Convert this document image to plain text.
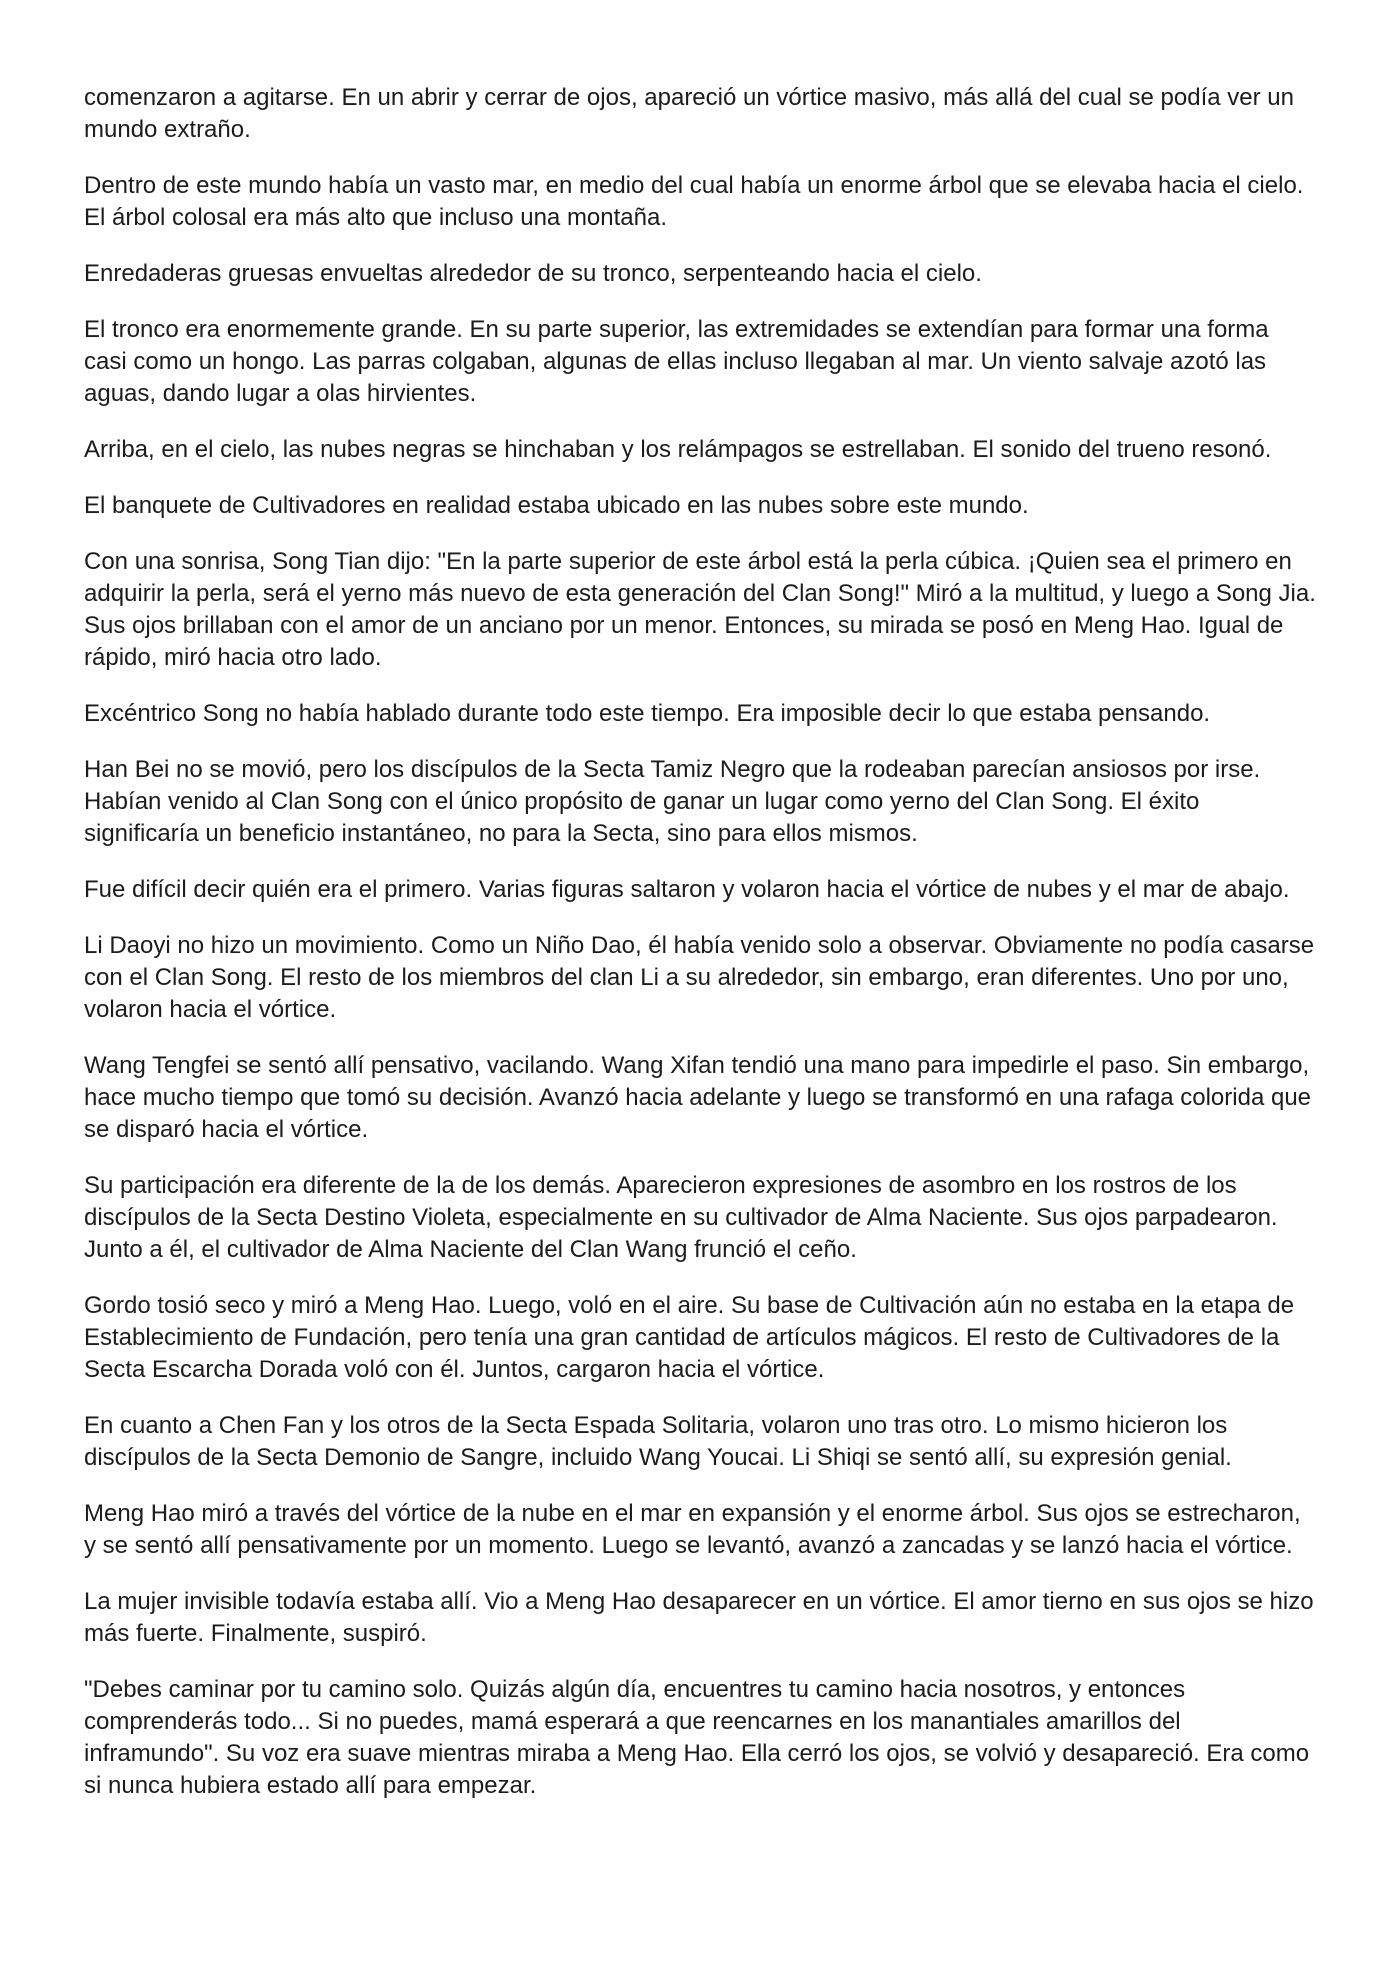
comenzaron a agitarse. En un abrir y cerrar de ojos, apareció un vórtice masivo, más allá del cual se podía ver un mundo extraño.

Dentro de este mundo había un vasto mar, en medio del cual había un enorme árbol que se elevaba hacia el cielo. El árbol colosal era más alto que incluso una montaña.

Enredaderas gruesas envueltas alrededor de su tronco, serpenteando hacia el cielo.

El tronco era enormemente grande. En su parte superior, las extremidades se extendían para formar una forma casi como un hongo. Las parras colgaban, algunas de ellas incluso llegaban al mar. Un viento salvaje azotó las aguas, dando lugar a olas hirvientes.

Arriba, en el cielo, las nubes negras se hinchaban y los relámpagos se estrellaban. El sonido del trueno resonó.

El banquete de Cultivadores en realidad estaba ubicado en las nubes sobre este mundo.

Con una sonrisa, Song Tian dijo: "En la parte superior de este árbol está la perla cúbica. ¡Quien sea el primero en adquirir la perla, será el yerno más nuevo de esta generación del Clan Song!" Miró a la multitud, y luego a Song Jia. Sus ojos brillaban con el amor de un anciano por un menor. Entonces, su mirada se posó en Meng Hao. Igual de rápido, miró hacia otro lado.

Excéntrico Song no había hablado durante todo este tiempo. Era imposible decir lo que estaba pensando.

Han Bei no se movió, pero los discípulos de la Secta Tamiz Negro que la rodeaban parecían ansiosos por irse. Habían venido al Clan Song con el único propósito de ganar un lugar como yerno del Clan Song. El éxito significaría un beneficio instantáneo, no para la Secta, sino para ellos mismos.

Fue difícil decir quién era el primero. Varias figuras saltaron y volaron hacia el vórtice de nubes y el mar de abajo.

Li Daoyi no hizo un movimiento. Como un Niño Dao, él había venido solo a observar. Obviamente no podía casarse con el Clan Song. El resto de los miembros del clan Li a su alrededor, sin embargo, eran diferentes. Uno por uno, volaron hacia el vórtice.

Wang Tengfei se sentó allí pensativo, vacilando. Wang Xifan tendió una mano para impedirle el paso. Sin embargo, hace mucho tiempo que tomó su decisión. Avanzó hacia adelante y luego se transformó en una rafaga colorida que se disparó hacia el vórtice.

Su participación era diferente de la de los demás. Aparecieron expresiones de asombro en los rostros de los discípulos de la Secta Destino Violeta, especialmente en su cultivador de Alma Naciente. Sus ojos parpadearon. Junto a él, el cultivador de Alma Naciente del Clan Wang frunció el ceño.

Gordo tosió seco y miró a Meng Hao. Luego, voló en el aire. Su base de Cultivación aún no estaba en la etapa de Establecimiento de Fundación, pero tenía una gran cantidad de artículos mágicos. El resto de Cultivadores de la Secta Escarcha Dorada voló con él. Juntos, cargaron hacia el vórtice.

En cuanto a Chen Fan y los otros de la Secta Espada Solitaria, volaron uno tras otro. Lo mismo hicieron los discípulos de la Secta Demonio de Sangre, incluido Wang Youcai. Li Shiqi se sentó allí, su expresión genial.

Meng Hao miró a través del vórtice de la nube en el mar en expansión y el enorme árbol. Sus ojos se estrecharon, y se sentó allí pensativamente por un momento. Luego se levantó, avanzó a zancadas y se lanzó hacia el vórtice.

La mujer invisible todavía estaba allí. Vio a Meng Hao desaparecer en un vórtice. El amor tierno en sus ojos se hizo más fuerte. Finalmente, suspiró.

"Debes caminar por tu camino solo. Quizás algún día, encuentres tu camino hacia nosotros, y entonces comprenderás todo... Si no puedes, mamá esperará a que reencarnes en los manantiales amarillos del inframundo". Su voz era suave mientras miraba a Meng Hao. Ella cerró los ojos, se volvió y desapareció. Era como si nunca hubiera estado allí para empezar.
